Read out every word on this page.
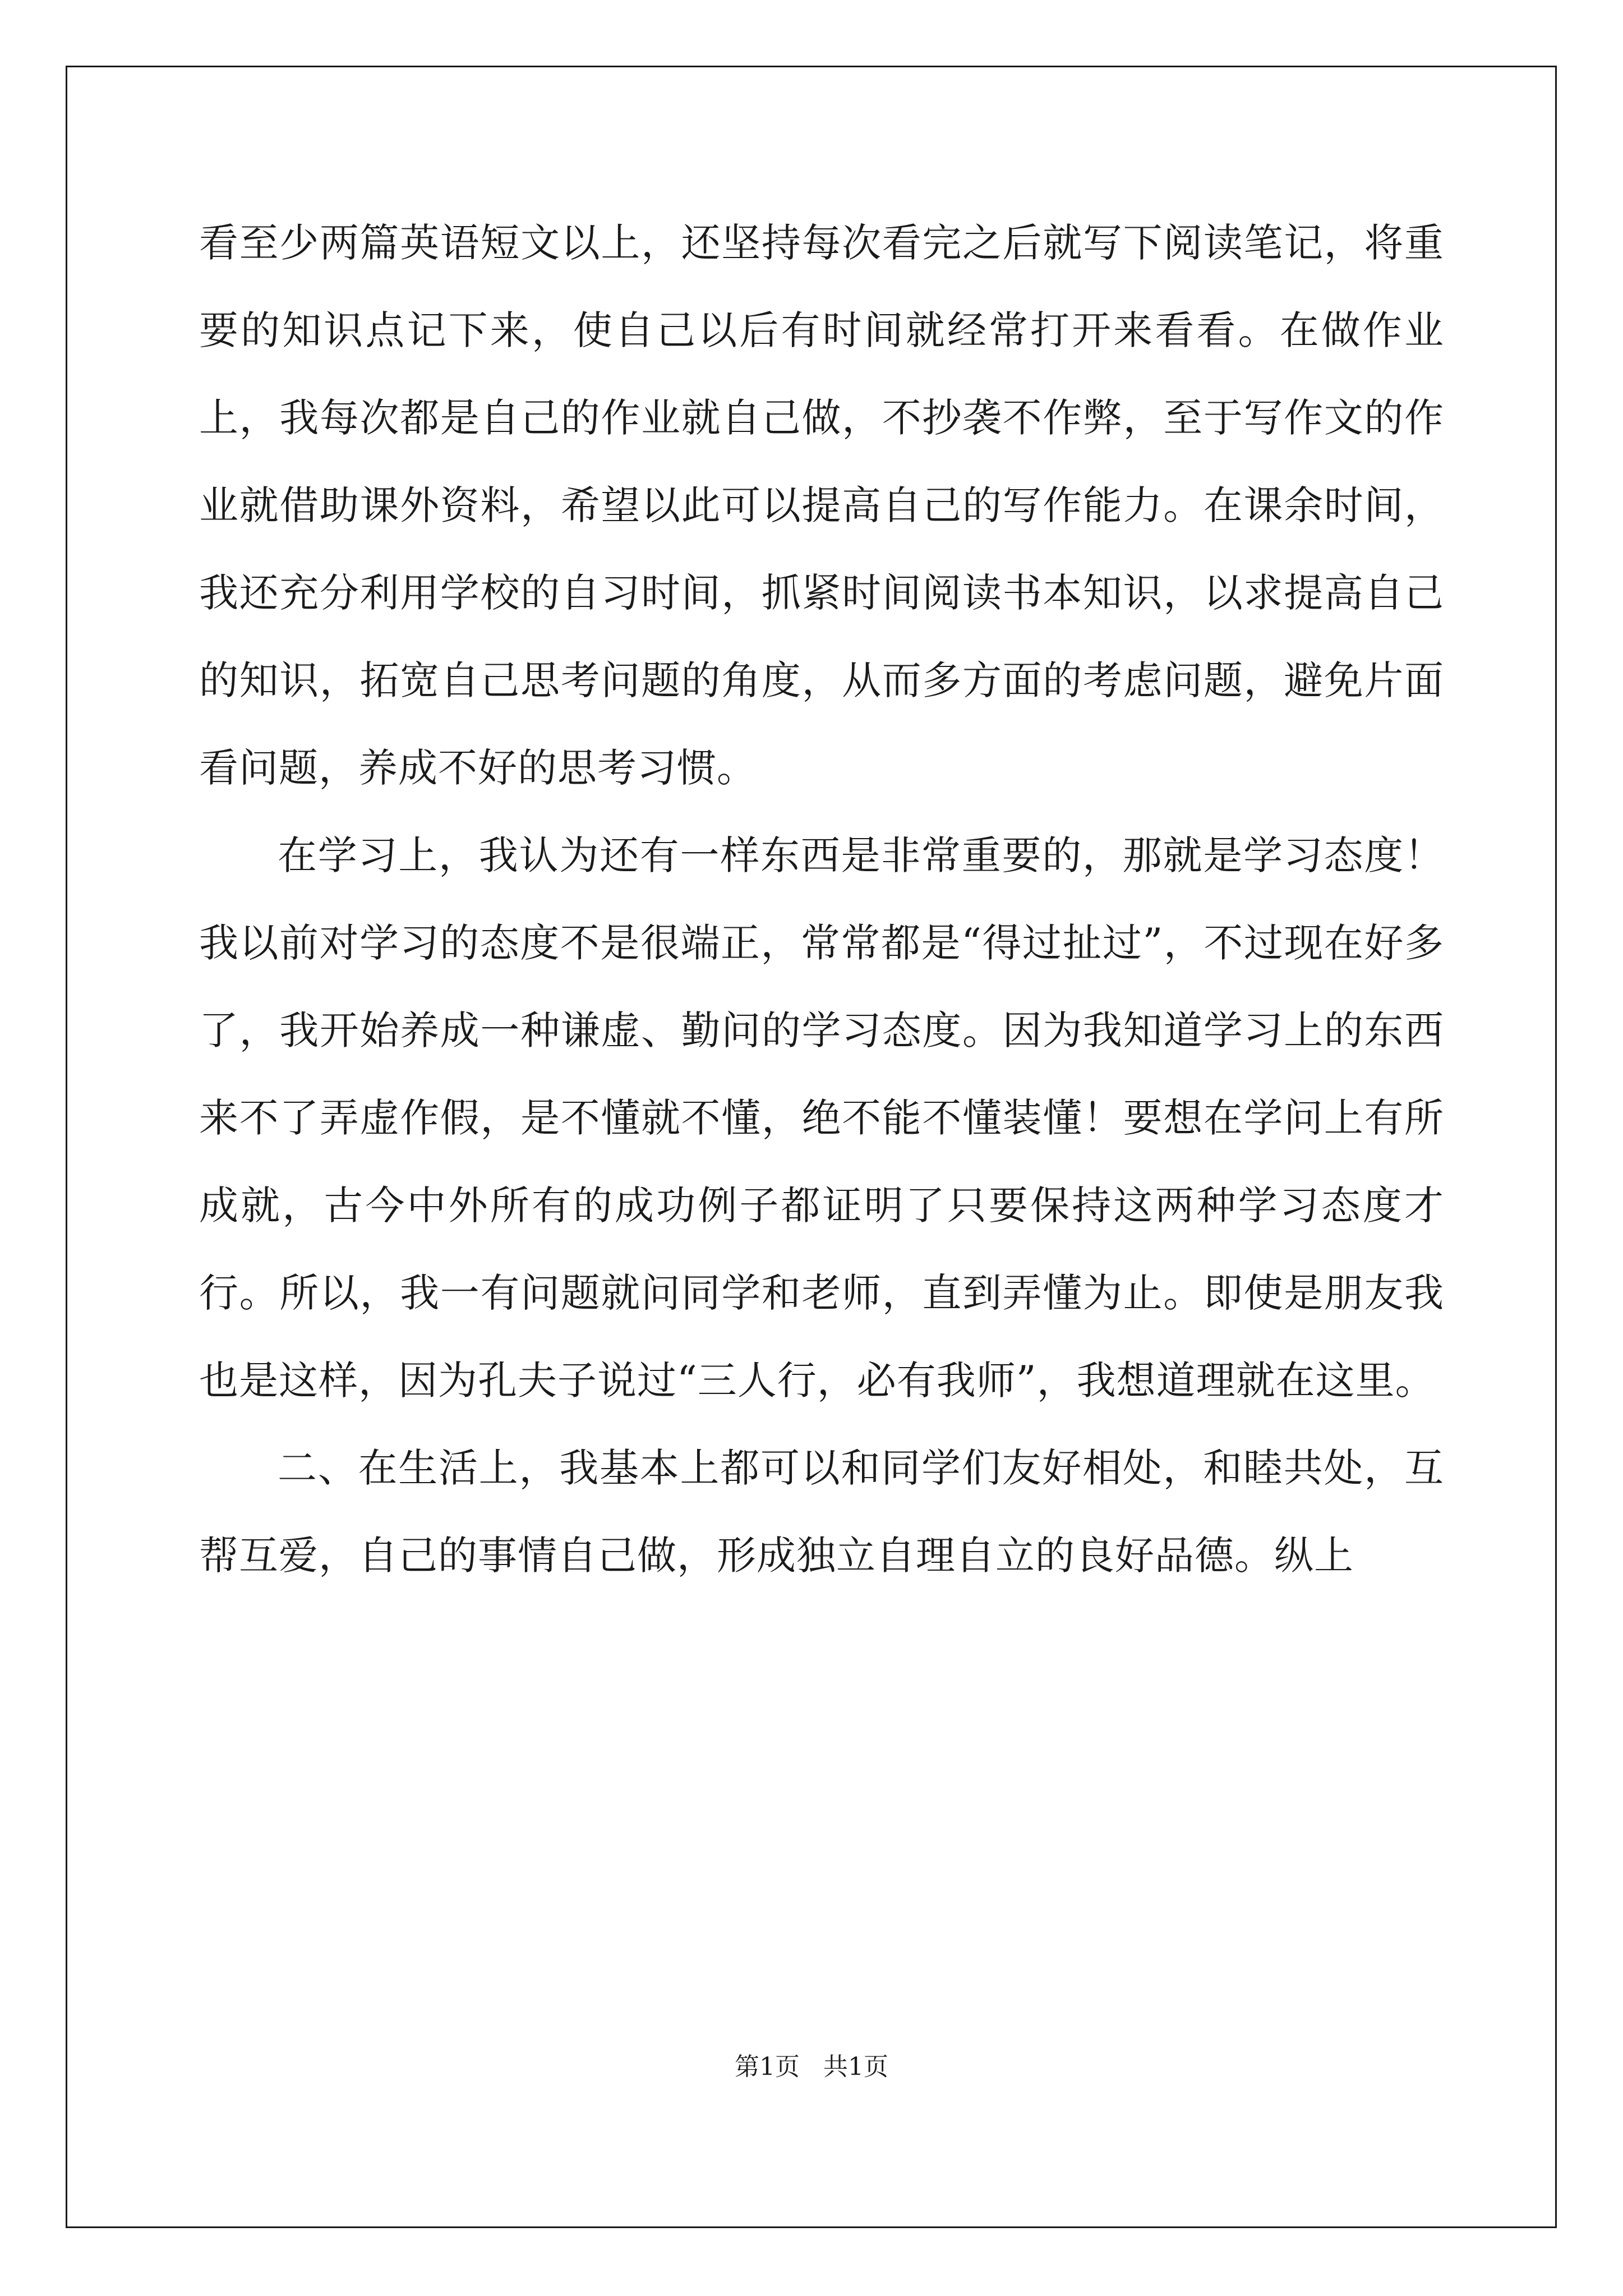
看至少两篇英语短文以上，还坚持每次看完之后就写下阅读笔记，将重要的知识点记下来，使自己以后有时间就经常打开来看看。在做作业上，我每次都是自己的作业就自己做，不抄袭不作弊，至于写作文的作业就借助课外资料，希望以此可以提高自己的写作能力。在课余时间，我还充分利用学校的自习时间，抓紧时间阅读书本知识，以求提高自己的知识，拓宽自己思考问题的角度，从而多方面的考虑问题，避免片面看问题，养成不好的思考习惯。

在学习上，我认为还有一样东西是非常重要的，那就是学习态度！我以前对学习的态度不是很端正，常常都是“得过扯过”，不过现在好多了，我开始养成一种谦虚、勤问的学习态度。因为我知道学习上的东西来不了弄虚作假，是不懂就不懂，绝不能不懂装懂！要想在学问上有所成就，古今中外所有的成功例子都证明了只要保持这两种学习态度才行。所以，我一有问题就问同学和老师，直到弄懂为止。即使是朋友我也是这样，因为孔夫子说过“三人行，必有我师”，我想道理就在这里。

二、在生活上，我基本上都可以和同学们友好相处，和睦共处，互帮互爱，自己的事情自己做，形成独立自理自立的良好品德。纵上

第1页 共1页
